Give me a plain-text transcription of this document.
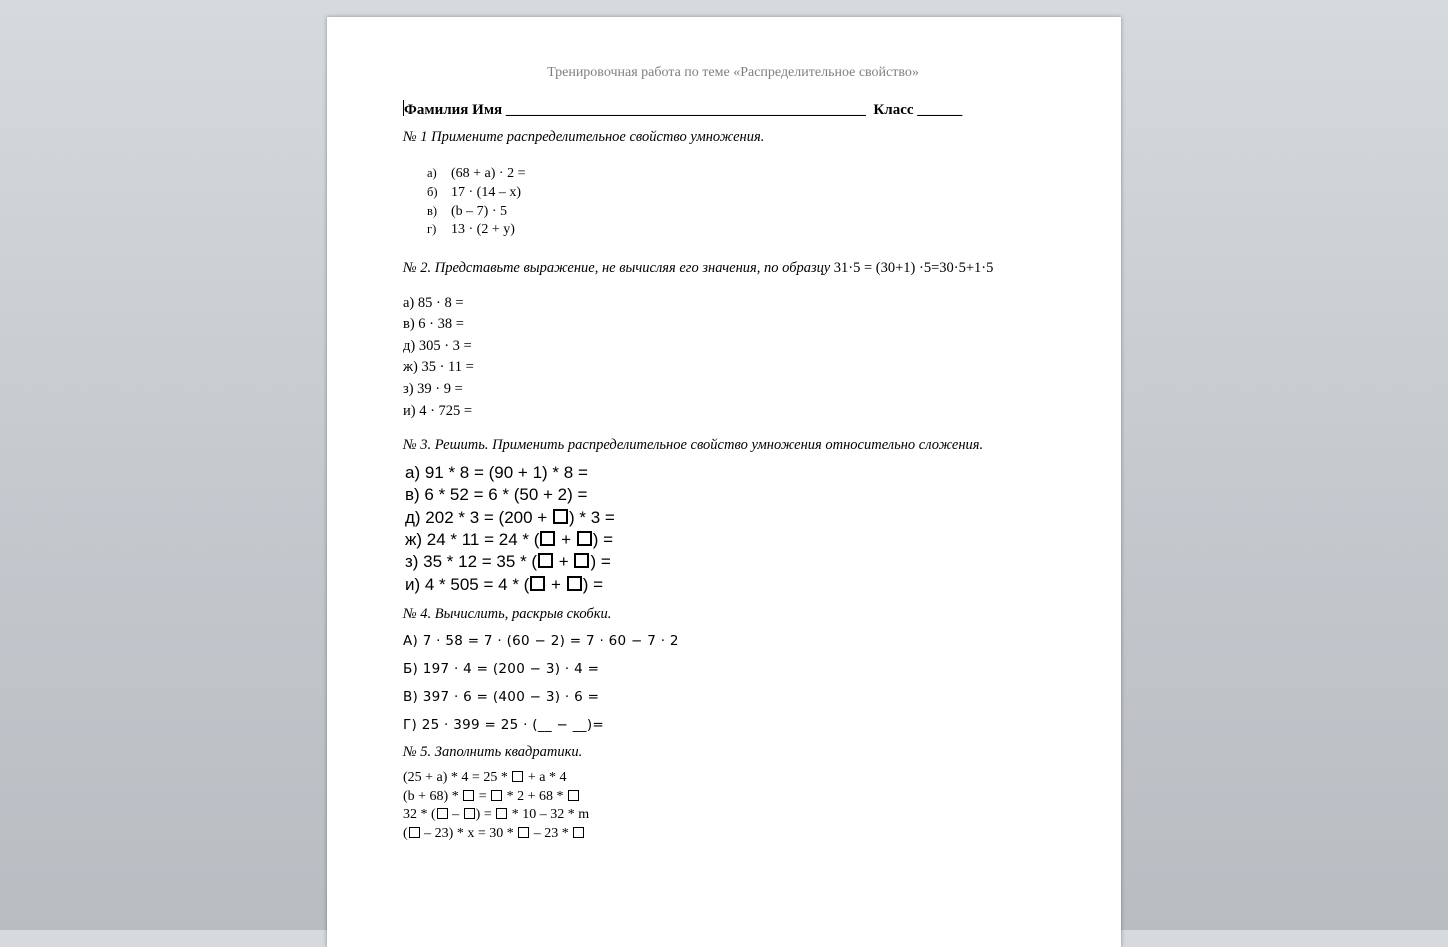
Тренировочная работа по теме «Распределительное свойство»
Фамилия Имя ________________________________________________ Класс ______
№ 1 Примените распределительное свойство умножения.
а) (68 + а) · 2 =
б) 17 · (14 – х)
в) (b – 7) · 5
г) 13 · (2 + у)
№ 2. Представьте выражение, не вычисляя его значения, по образцу 31·5 = (30+1) ·5=30·5+1·5
а) 85 · 8 =
в) 6 · 38 =
д) 305 · 3 =
ж) 35 · 11 =
з) 39 · 9 =
и) 4 · 725 =
№ 3. Решить. Применить распределительное свойство умножения относительно сложения.
а) 91 * 8 = (90 + 1) * 8 =
в) 6 * 52 = 6 * (50 + 2) =
д) 202 * 3 = (200 + ) * 3 =
ж) 24 * 11 = 24 * ( + ) =
з) 35 * 12 = 35 * ( + ) =
и) 4 * 505 = 4 * ( + ) =
№ 4. Вычислить, раскрыв скобки.
А) 7 · 58 = 7 · (60 − 2) = 7 · 60 − 7 · 2
Б) 197 · 4 = (200 − 3) · 4 =
В) 397 · 6 = (400 − 3) · 6 =
Г) 25 · 399 = 25 · (__ − __)=
№ 5. Заполнить квадратики.
(25 + a) * 4 = 25 *  + a * 4
(b + 68) *  =  * 2 + 68 *
32 * ( – ) =  * 10 – 32 * m
( – 23) * x = 30 *  – 23 *
